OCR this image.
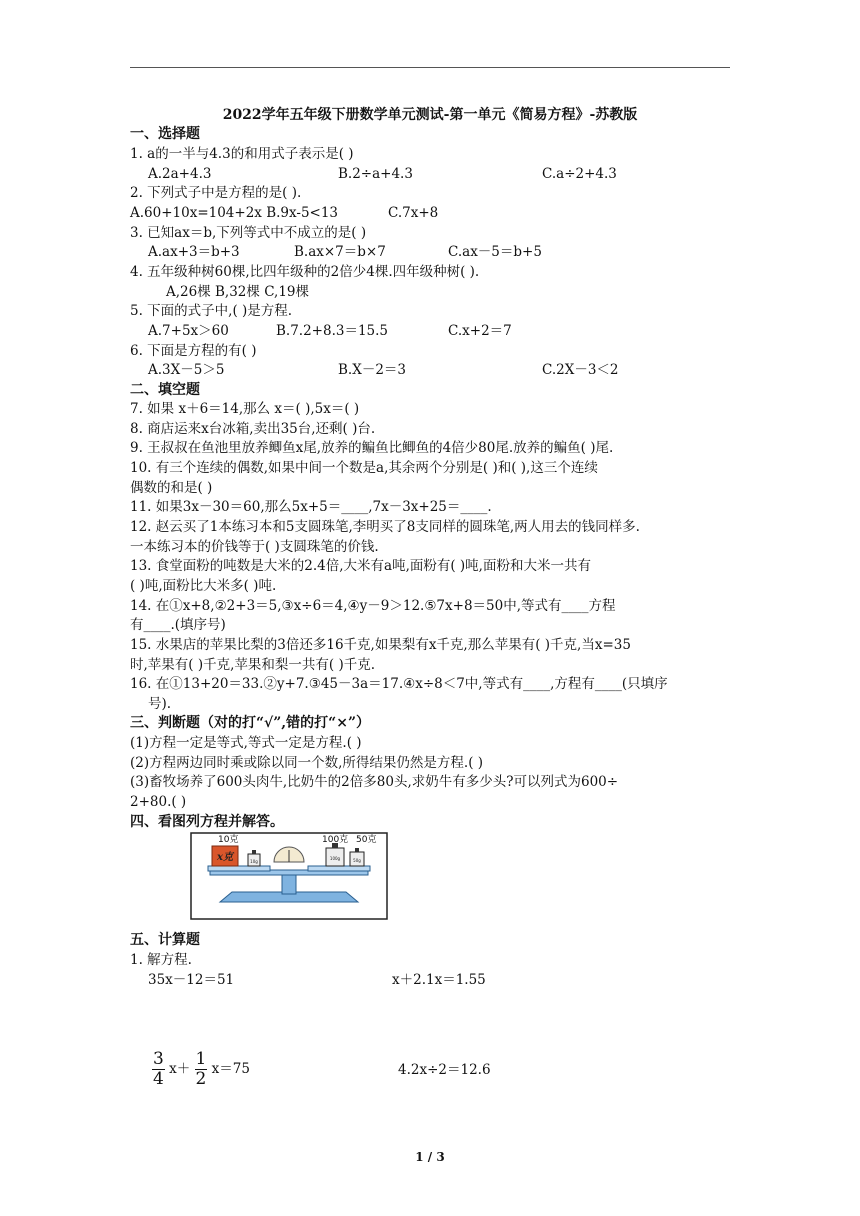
2022学年五年级下册数学单元测试-第一单元《简易方程》-苏教版
一、选择题
1. a的一半与4.3的和用式子表示是( )
A.2a+4.3	B.2÷a+4.3	C.a÷2+4.3
2. 下列式子中是方程的是( ).
A.60+10x=104+2x B.9x-5<13	C.7x+8
3. 已知ax＝b,下列等式中不成立的是( )
A.ax+3＝b+3	B.ax×7＝b×7	C.ax－5＝b+5
4. 五年级种树60棵,比四年级种的2倍少4棵.四年级种树( ).
A,26棵 B,32棵 C,19棵
5. 下面的式子中,( )是方程.
A.7+5x＞60	B.7.2+8.3＝15.5	C.x+2＝7
6. 下面是方程的有( )
A.3X－5＞5	B.X－2＝3	C.2X－3＜2
二、填空题
7. 如果 x＋6＝14,那么 x＝( ),5x＝( )
8. 商店运来x台冰箱,卖出35台,还剩( )台.
9. 王叔叔在鱼池里放养鲫鱼x尾,放养的鳊鱼比鲫鱼的4倍少80尾.放养的鳊鱼( )尾.
10. 有三个连续的偶数,如果中间一个数是a,其余两个分别是( )和( ),这三个连续
偶数的和是( )
11. 如果3x－30＝60,那么5x+5＝____,7x－3x+25＝____.
12. 赵云买了1本练习本和5支圆珠笔,李明买了8支同样的圆珠笔,两人用去的钱同样多.
一本练习本的价钱等于( )支圆珠笔的价钱.
13. 食堂面粉的吨数是大米的2.4倍,大米有a吨,面粉有( )吨,面粉和大米一共有
( )吨,面粉比大米多( )吨.
14. 在①x+8,②2+3＝5,③x÷6＝4,④y－9＞12.⑤7x+8＝50中,等式有____方程
有____.(填序号)
15. 水果店的苹果比梨的3倍还多16千克,如果梨有x千克,那么苹果有( )千克,当x=35
时,苹果有( )千克,苹果和梨一共有( )千克.
16. 在①13+20＝33.②y+7.③45－3a＝17.④x÷8＜7中,等式有____,方程有____(只填序
号).
三、判断题（对的打“√”,错的打“×”）
(1)方程一定是等式,等式一定是方程.( )
(2)方程两边同时乘或除以同一个数,所得结果仍然是方程.( )
(3)畜牧场养了600头肉牛,比奶牛的2倍多80头,求奶牛有多少头?可以列式为600÷
2+80.( )
四、看图列方程并解答。
x克	10g
100g	50g
10克	100克 50克
五、计算题
1. 解方程.
35x－12＝51	x＋2.1x＝1.55
$\frac{3}{4} x+ \frac{1}{2} x=75$	4.2x÷2＝12.6
1 / 3
